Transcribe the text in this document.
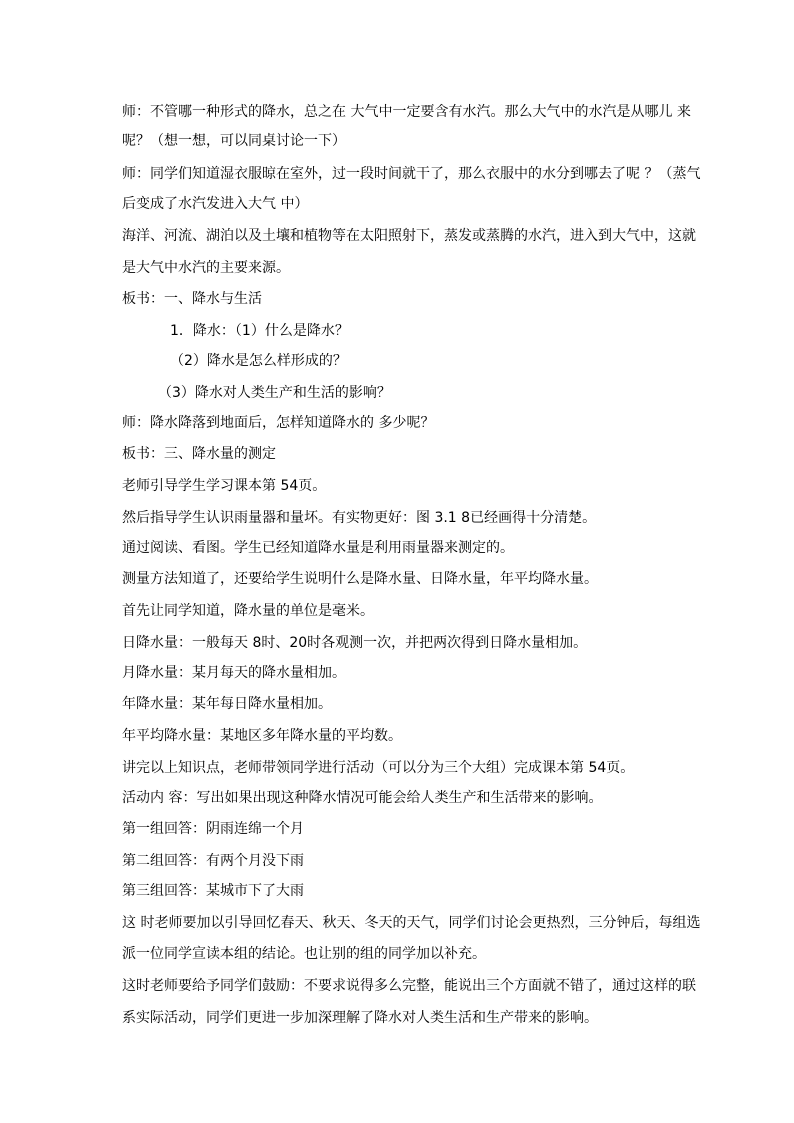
师：不管哪一种形式的降水，总之在 大气中一定要含有水汽。那么大气中的水汽是从哪儿 来
呢？（想一想，可以同桌讨论一下）
师：同学们知道湿衣服晾在室外，过一段时间就干了，那么衣服中的水分到哪去了呢 ？（蒸气
后变成了水汽发进入大气 中）
海洋、河流、湖泊以及土壤和植物等在太阳照射下，蒸发或蒸腾的水汽，进入到大气中，这就
是大气中水汽的主要来源。
板书：一、降水与生活
1．降水：（1）什么是降水？
（2）降水是怎么样形成的？
（3）降水对人类生产和生活的影响？
师：降水降落到地面后，怎样知道降水的 多少呢？
板书：三、降水量的测定
老师引导学生学习课本第 54页。
然后指导学生认识雨量器和量坏。有实物更好：图 3.1 8已经画得十分清楚。
通过阅读、看图。学生已经知道降水量是利用雨量器来测定的。
测量方法知道了，还要给学生说明什么是降水量、日降水量，年平均降水量。
首先让同学知道，降水量的单位是毫米。
日降水量：一般每天 8时、20时各观测一次，并把两次得到日降水量相加。
月降水量：某月每天的降水量相加。
年降水量：某年每日降水量相加。
年平均降水量：某地区多年降水量的平均数。
讲完以上知识点，老师带领同学进行活动（可以分为三个大组）完成课本第 54页。
活动内 容：写出如果出现这种降水情况可能会给人类生产和生活带来的影响。
第一组回答：阴雨连绵一个月
第二组回答：有两个月没下雨
第三组回答：某城市下了大雨
这 时老师要加以引导回忆春天、秋天、冬天的天气，同学们讨论会更热烈，三分钟后，每组选
派一位同学宣读本组的结论。也让别的组的同学加以补充。
这时老师要给予同学们鼓励：不要求说得多么完整，能说出三个方面就不错了，通过这样的联
系实际活动，同学们更进一步加深理解了降水对人类生活和生产带来的影响。
